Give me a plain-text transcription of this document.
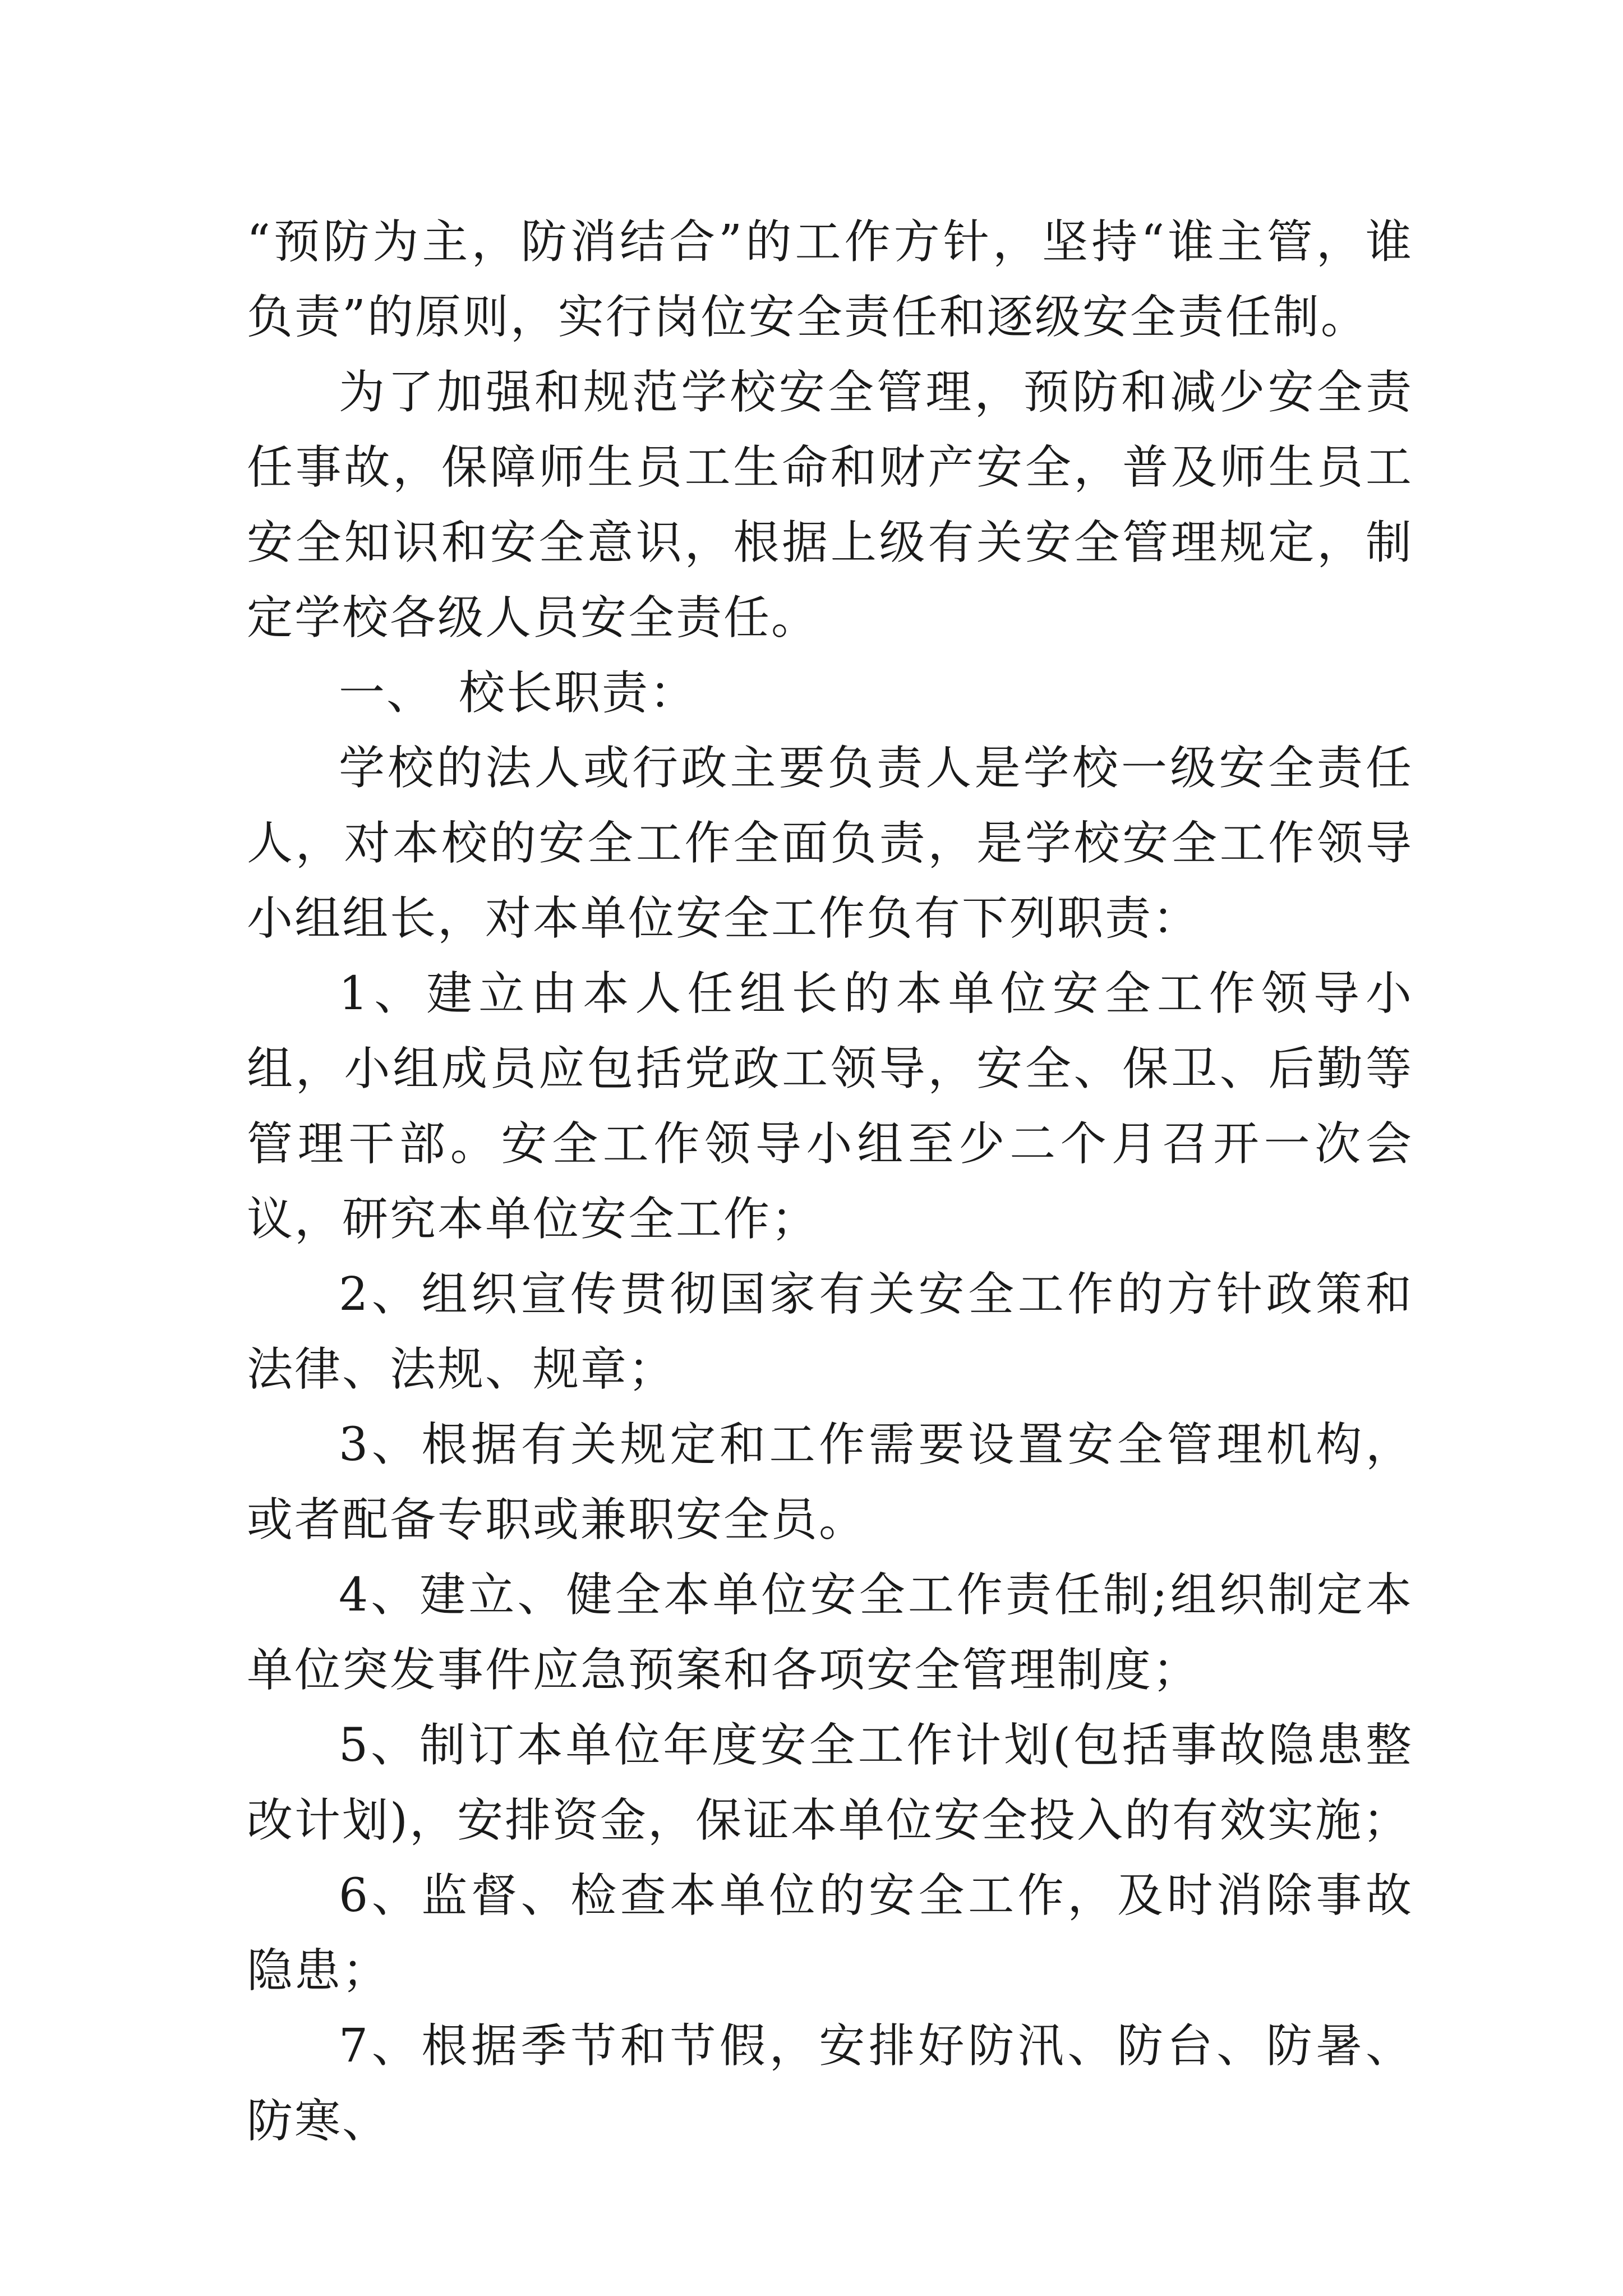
“预防为主，防消结合”的工作方针，坚持“谁主管，谁负责”的原则，实行岗位安全责任和逐级安全责任制。

为了加强和规范学校安全管理，预防和减少安全责任事故，保障师生员工生命和财产安全，普及师生员工安全知识和安全意识，根据上级有关安全管理规定，制定学校各级人员安全责任。

一、　校长职责：

学校的法人或行政主要负责人是学校一级安全责任人，对本校的安全工作全面负责，是学校安全工作领导小组组长，对本单位安全工作负有下列职责：

1、建立由本人任组长的本单位安全工作领导小组，小组成员应包括党政工领导，安全、保卫、后勤等管理干部。安全工作领导小组至少二个月召开一次会议，研究本单位安全工作；

2、组织宣传贯彻国家有关安全工作的方针政策和法律、法规、规章；

3、根据有关规定和工作需要设置安全管理机构，或者配备专职或兼职安全员。

4、建立、健全本单位安全工作责任制;组织制定本单位突发事件应急预案和各项安全管理制度；

5、制订本单位年度安全工作计划(包括事故隐患整改计划)，安排资金，保证本单位安全投入的有效实施；

6、监督、检查本单位的安全工作，及时消除事故隐患；

7、根据季节和节假，安排好防汛、防台、防暑、防寒、
